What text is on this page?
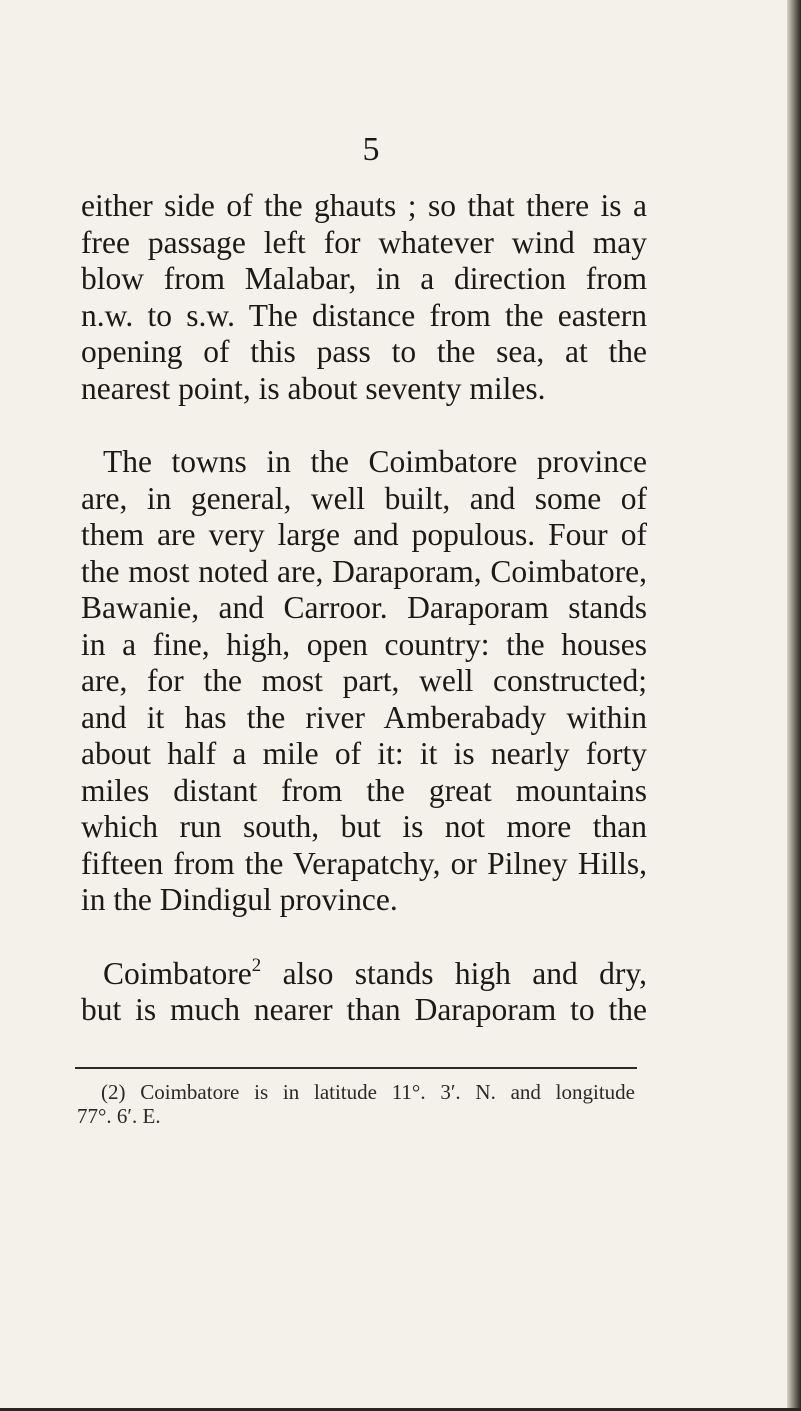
5
either side of the ghauts ; so that there is a
free passage left for whatever wind may
blow from Malabar, in a direction from
n.w. to s.w. The distance from the eastern
opening of this pass to the sea, at the
nearest point, is about seventy miles.
The towns in the Coimbatore province
are, in general, well built, and some of
them are very large and populous. Four of
the most noted are, Daraporam, Coimbatore,
Bawanie, and Carroor. Daraporam stands
in a fine, high, open country: the houses
are, for the most part, well constructed;
and it has the river Amberabady within
about half a mile of it: it is nearly forty
miles distant from the great mountains
which run south, but is not more than
fifteen from the Verapatchy, or Pilney Hills,
in the Dindigul province.
Coimbatore$^2$ also stands high and dry,
but is much nearer than Daraporam to the
(2) Coimbatore is in latitude 11°. 3′. N. and longitude
77°. 6′. E.
